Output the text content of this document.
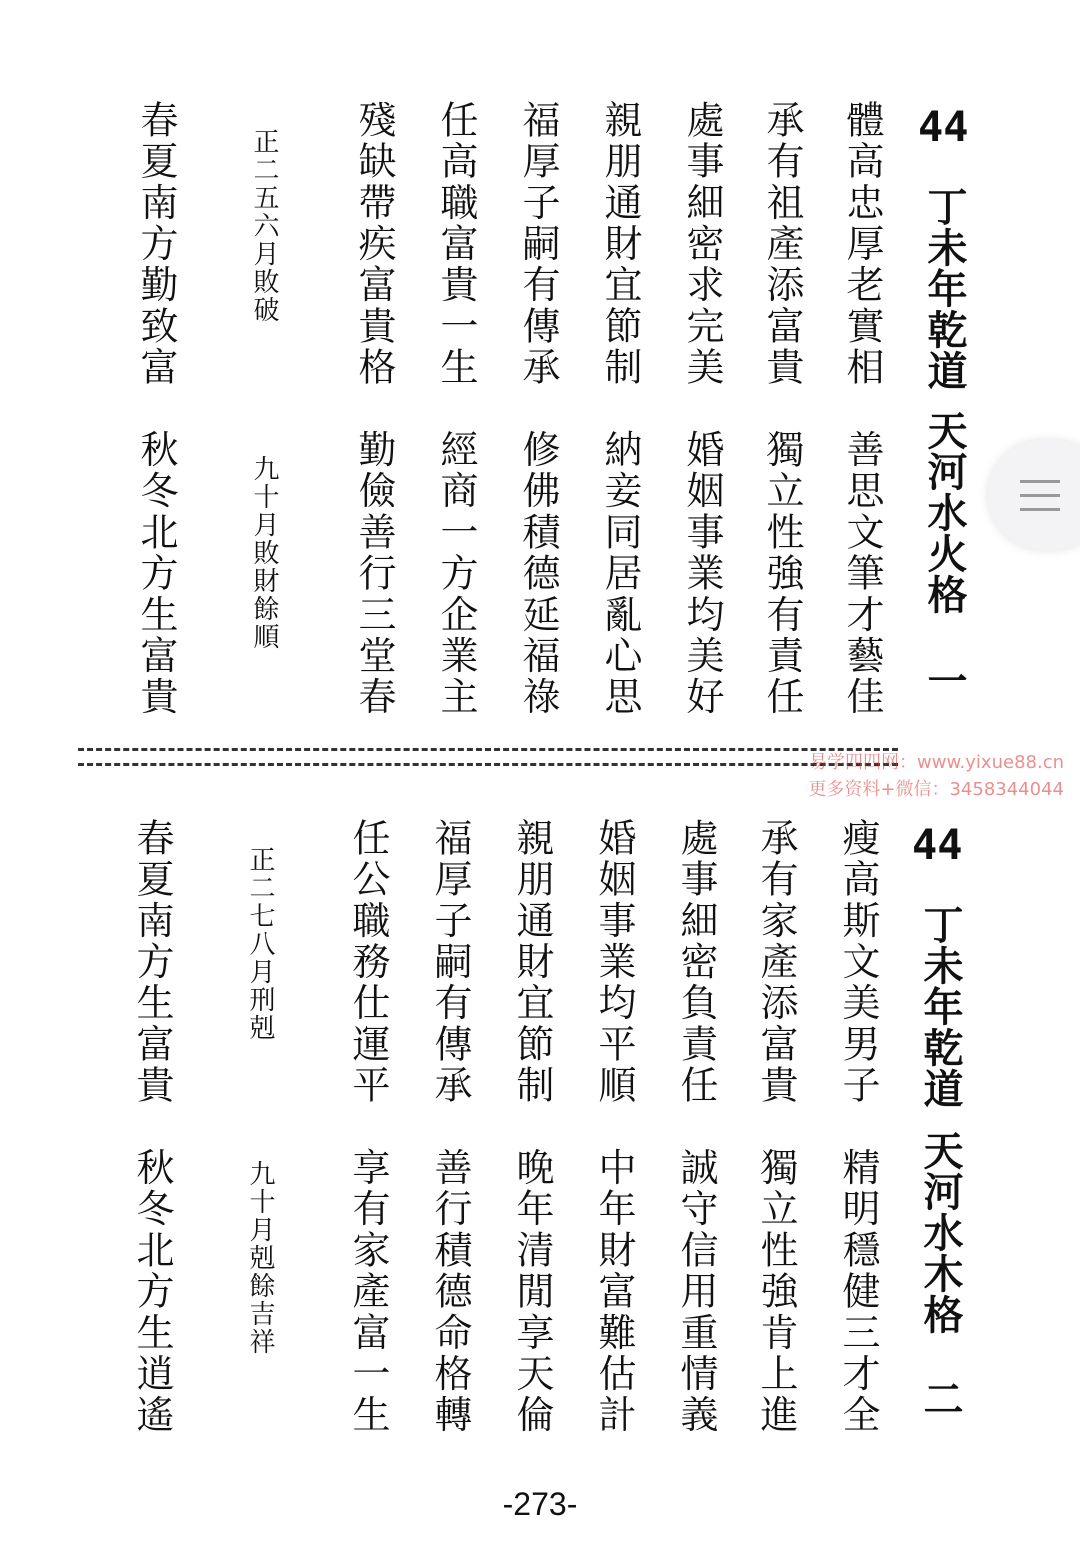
44
丁未年乾道
天河水火格
一
體高忠厚老實相　善思文筆才藝佳
承有祖產添富貴　獨立性強有責任
處事細密求完美　婚姻事業均美好
親朋通財宜節制　納妾同居亂心思
福厚子嗣有傳承　修佛積德延福祿
任高職富貴一生　經商一方企業主
殘缺帶疾富貴格　勤儉善行三堂春
正二五六月敗破
九十月敗財餘順
春夏南方勤致富　秋冬北方生富貴
易学四四网：www.yixue88.cn
更多资料+微信：3458344044
44
丁未年乾道
天河水木格
二
瘦高斯文美男子　精明穩健三才全
承有家產添富貴　獨立性強肯上進
處事細密負責任　誠守信用重情義
婚姻事業均平順　中年財富難估計
親朋通財宜節制　晚年清閒享天倫
福厚子嗣有傳承　善行積德命格轉
任公職務仕運平　享有家產富一生
正二七八月刑剋
九十月剋餘吉祥
春夏南方生富貴　秋冬北方生逍遙
-273-
